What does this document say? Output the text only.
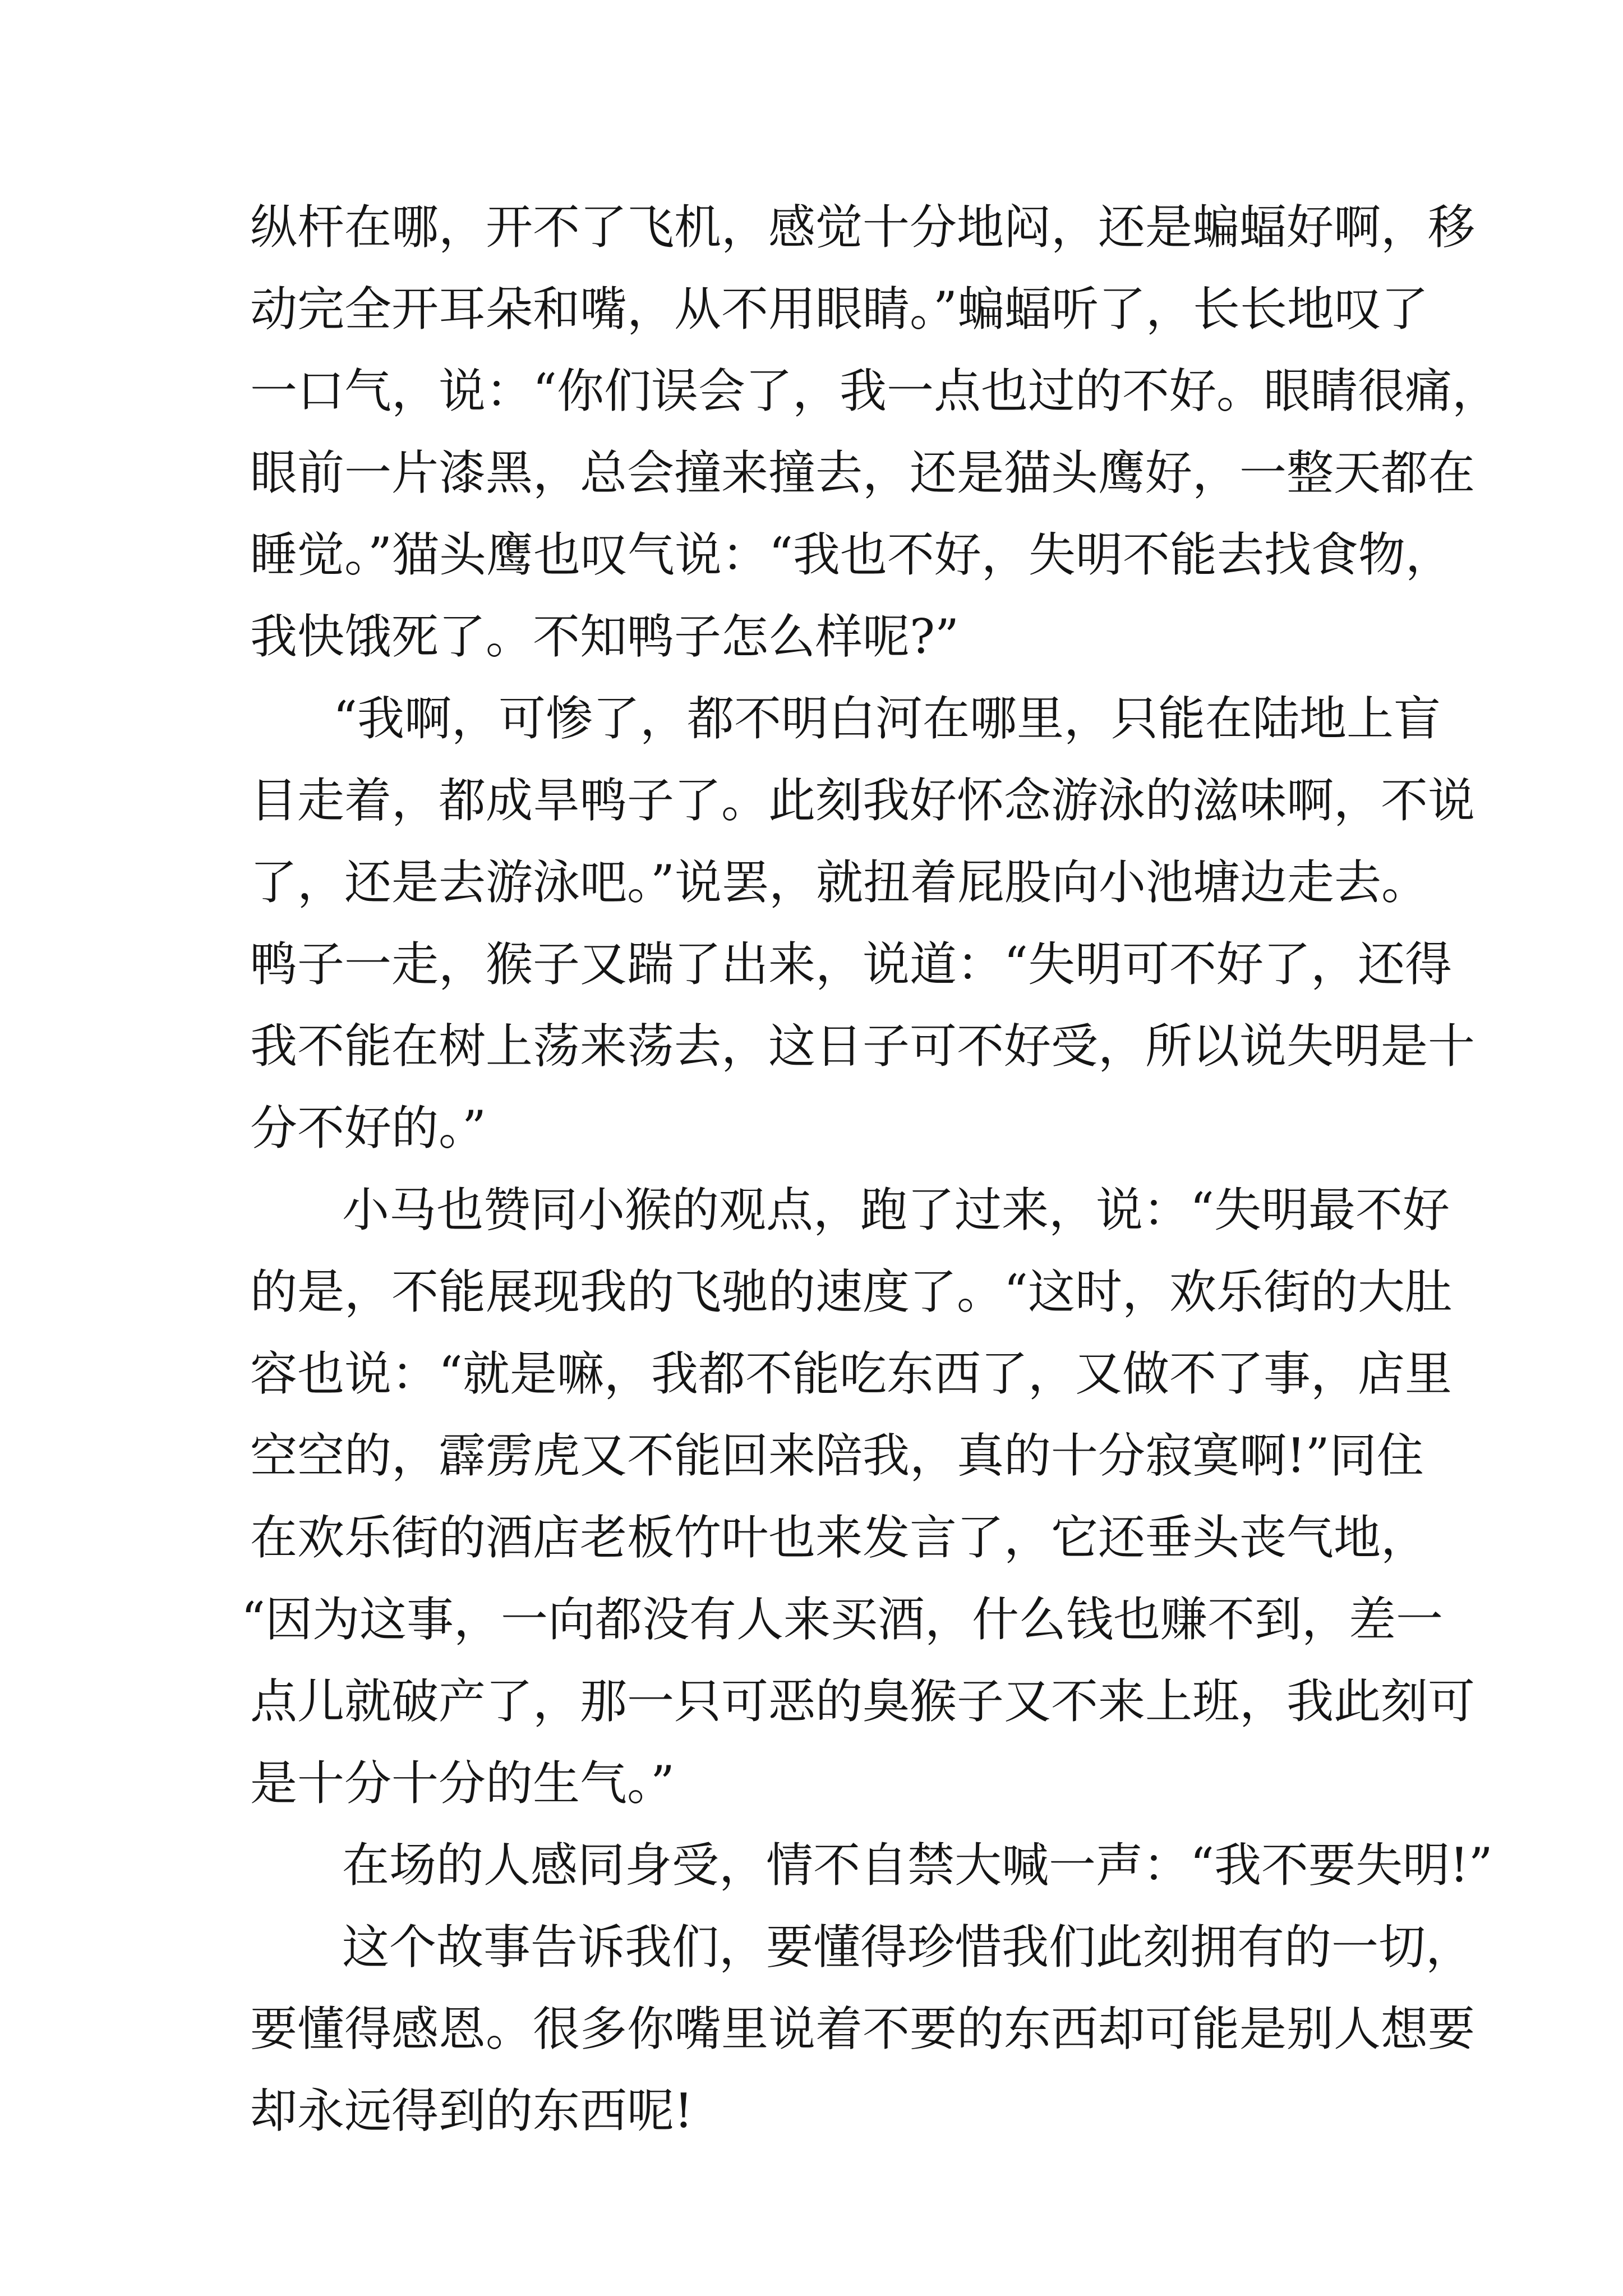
纵杆在哪，开不了飞机，感觉十分地闷，还是蝙蝠好啊，移
动完全开耳朵和嘴，从不用眼睛。”蝙蝠听了，长长地叹了
一口气，说：“你们误会了，我一点也过的不好。眼睛很痛，
眼前一片漆黑，总会撞来撞去，还是猫头鹰好，一整天都在
睡觉。”猫头鹰也叹气说：“我也不好，失明不能去找食物，
我快饿死了。不知鸭子怎么样呢?”
“我啊，可惨了，都不明白河在哪里，只能在陆地上盲
目走着，都成旱鸭子了。此刻我好怀念游泳的滋味啊，不说
了，还是去游泳吧。”说罢，就扭着屁股向小池塘边走去。
鸭子一走，猴子又踹了出来，说道：“失明可不好了，还得
我不能在树上荡来荡去，这日子可不好受，所以说失明是十
分不好的。”
小马也赞同小猴的观点，跑了过来，说：“失明最不好
的是，不能展现我的飞驰的速度了。“这时，欢乐街的大肚
容也说：“就是嘛，我都不能吃东西了，又做不了事，店里
空空的，霹雳虎又不能回来陪我，真的十分寂寞啊!”同住
在欢乐街的酒店老板竹叶也来发言了，它还垂头丧气地，
“因为这事，一向都没有人来买酒，什么钱也赚不到，差一
点儿就破产了，那一只可恶的臭猴子又不来上班，我此刻可
是十分十分的生气。”
在场的人感同身受，情不自禁大喊一声：“我不要失明!”
这个故事告诉我们，要懂得珍惜我们此刻拥有的一切，
要懂得感恩。很多你嘴里说着不要的东西却可能是别人想要
却永远得到的东西呢!
